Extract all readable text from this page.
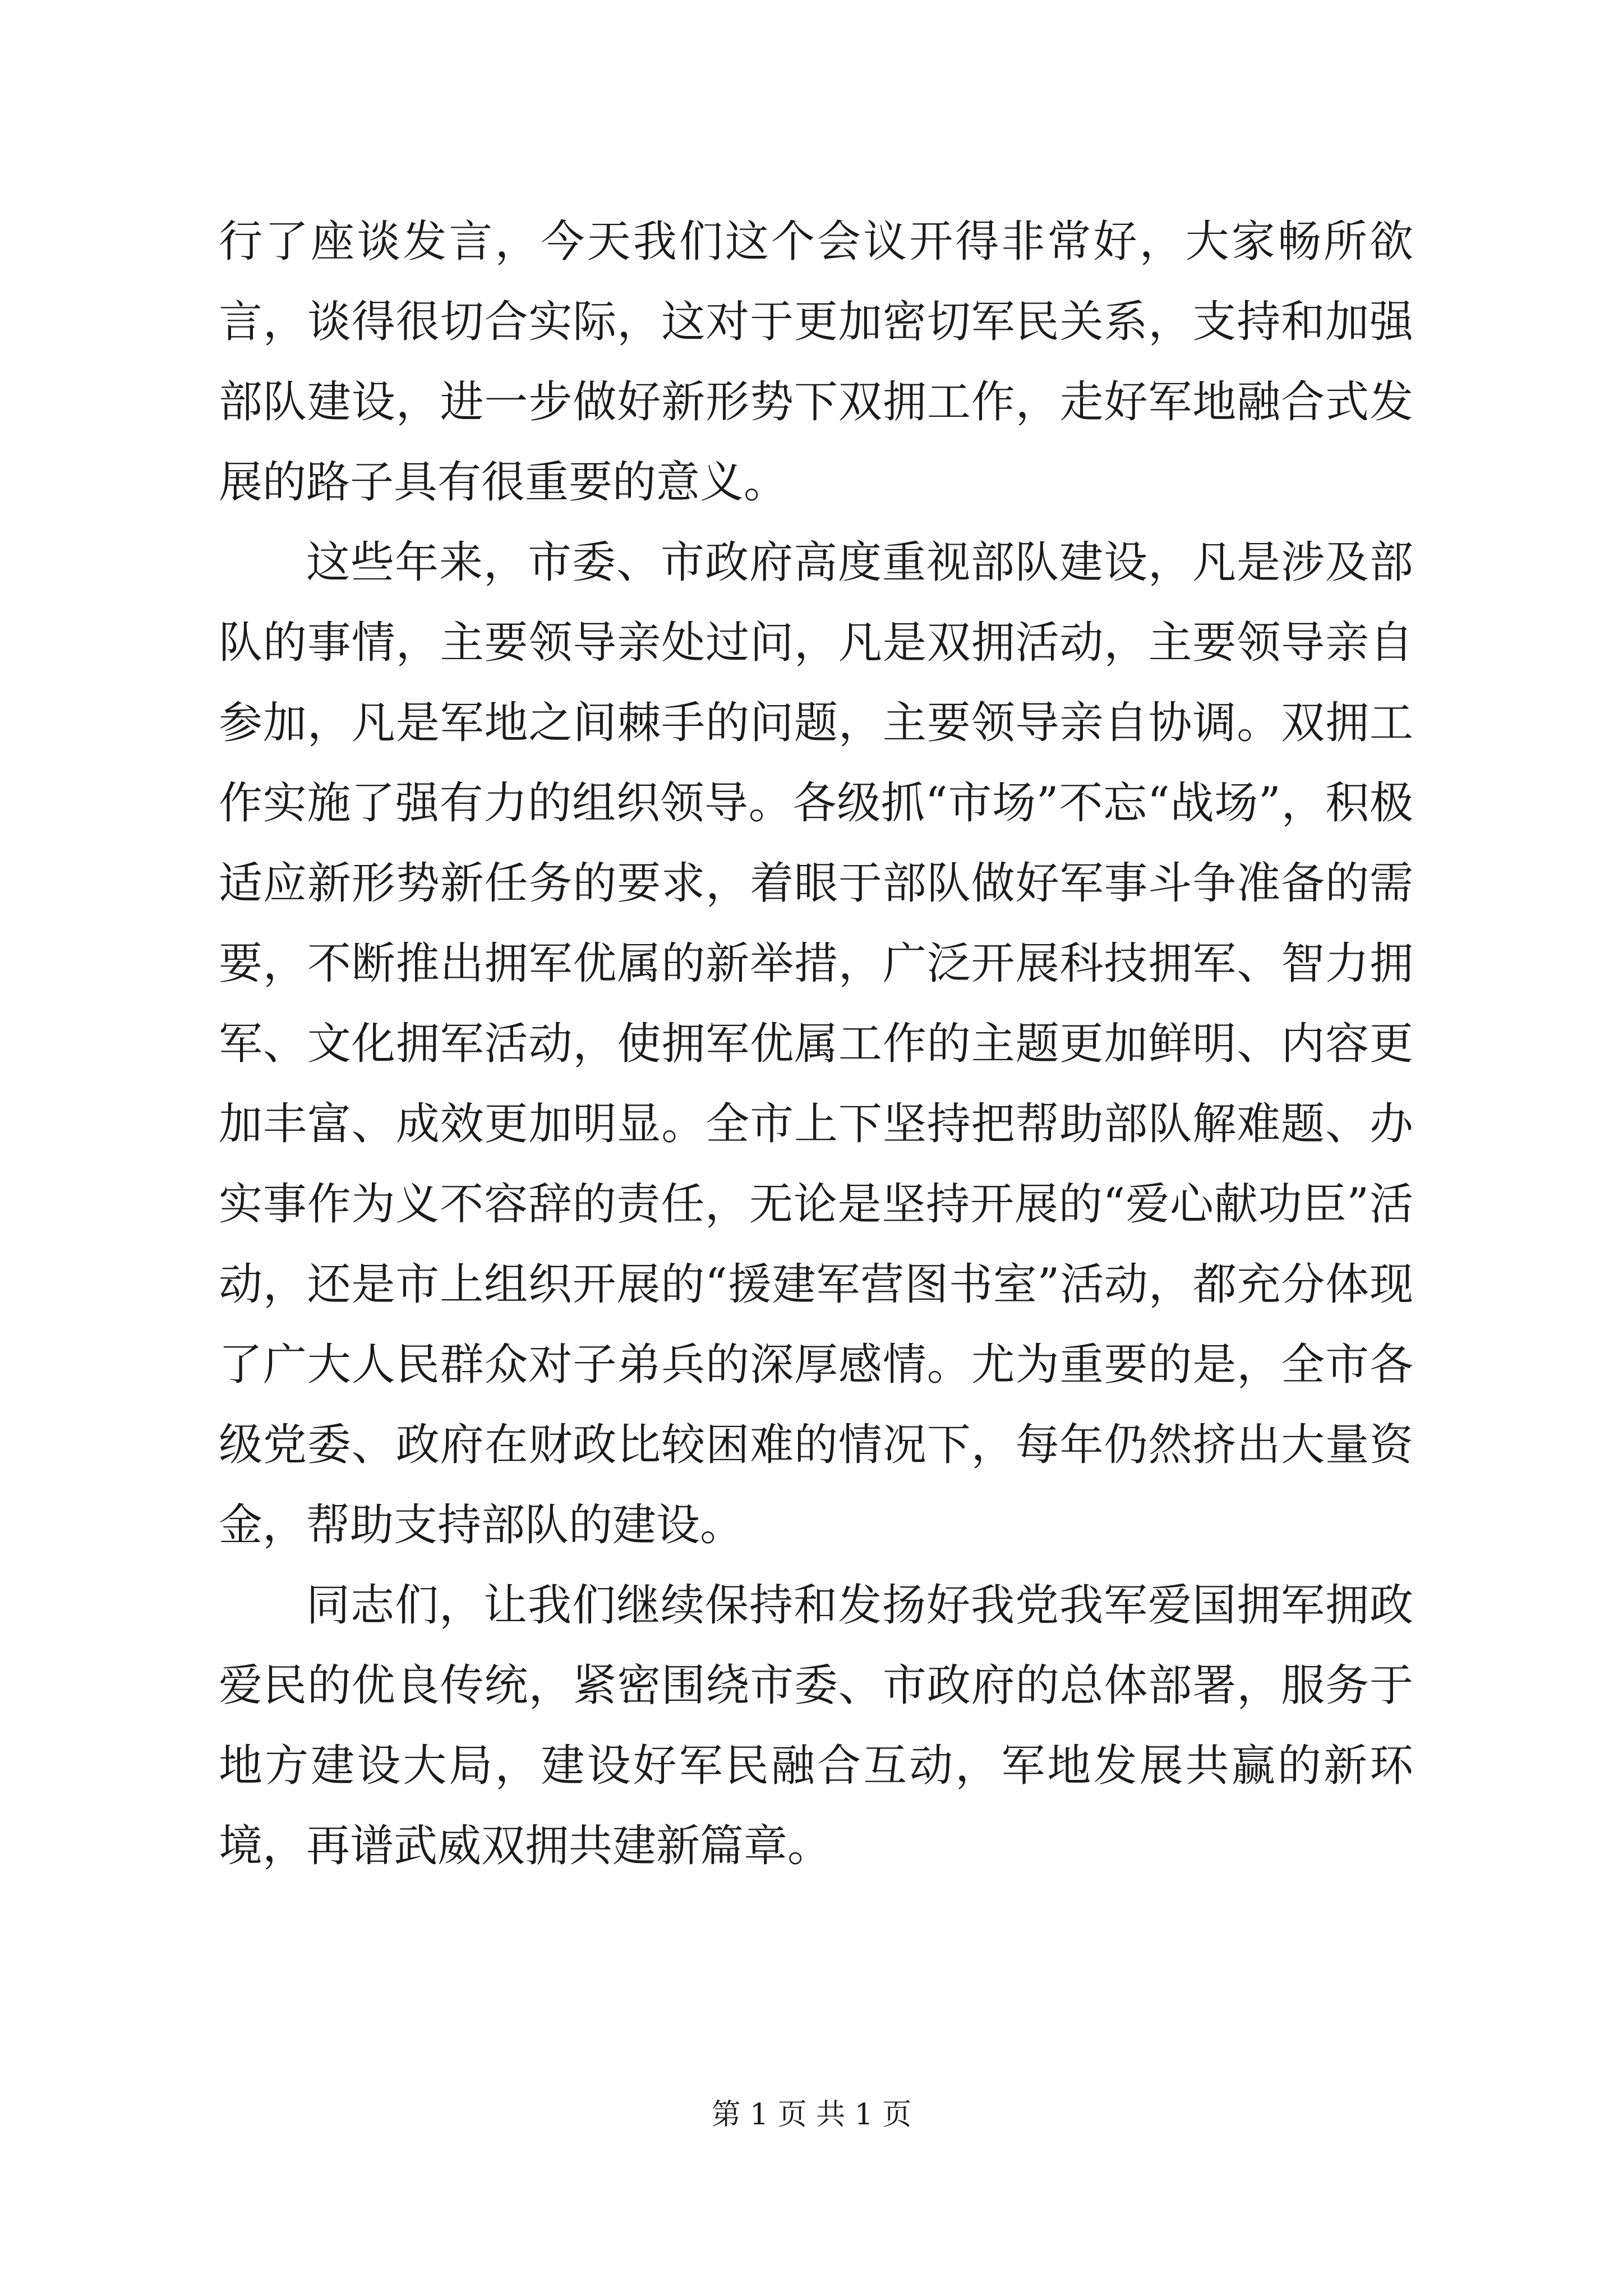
行了座谈发言，今天我们这个会议开得非常好，大家畅所欲言，谈得很切合实际，这对于更加密切军民关系，支持和加强部队建设，进一步做好新形势下双拥工作，走好军地融合式发展的路子具有很重要的意义。

这些年来，市委、市政府高度重视部队建设，凡是涉及部队的事情，主要领导亲处过问，凡是双拥活动，主要领导亲自参加，凡是军地之间棘手的问题，主要领导亲自协调。双拥工作实施了强有力的组织领导。各级抓“市场”不忘“战场”，积极适应新形势新任务的要求，着眼于部队做好军事斗争准备的需要，不断推出拥军优属的新举措，广泛开展科技拥军、智力拥军、文化拥军活动，使拥军优属工作的主题更加鲜明、内容更加丰富、成效更加明显。全市上下坚持把帮助部队解难题、办实事作为义不容辞的责任，无论是坚持开展的“爱心献功臣”活动，还是市上组织开展的“援建军营图书室”活动，都充分体现了广大人民群众对子弟兵的深厚感情。尤为重要的是，全市各级党委、政府在财政比较困难的情况下，每年仍然挤出大量资金，帮助支持部队的建设。

同志们，让我们继续保持和发扬好我党我军爱国拥军拥政爱民的优良传统，紧密围绕市委、市政府的总体部署，服务于地方建设大局，建设好军民融合互动，军地发展共赢的新环境，再谱武威双拥共建新篇章。

第 1 页 共 1 页
